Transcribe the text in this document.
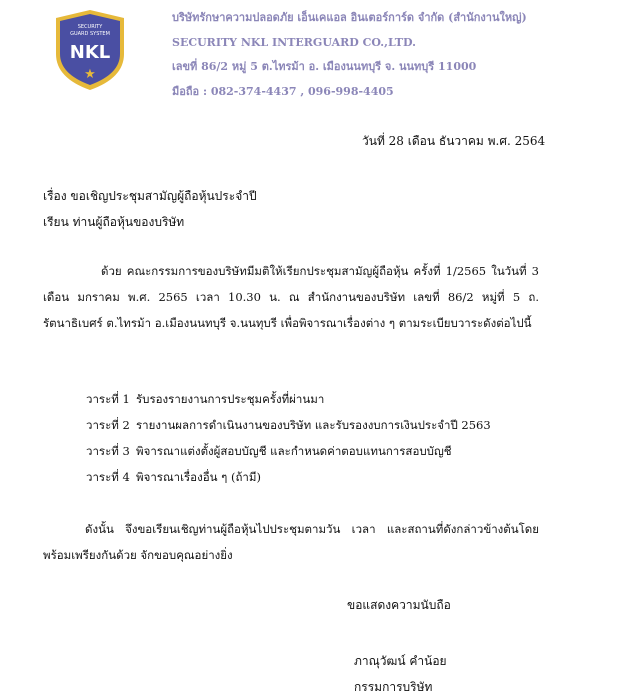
SECURITY
GUARD SYSTEM
NKL
★
บริษัทรักษาความปลอดภัย เอ็นเคแอล อินเตอร์การ์ด จำกัด (สำนักงานใหญ่)
SECURITY NKL INTERGUARD CO.,LTD.
เลขที่ 86/2 หมู่ 5 ต.ไทรม้า อ. เมืองนนทบุรี จ. นนทบุรี 11000
มือถือ : 082-374-4437 , 096-998-4405
วันที่ 28 เดือน ธันวาคม พ.ศ. 2564
เรื่อง ขอเชิญประชุมสามัญผู้ถือหุ้นประจำปี
เรียน ท่านผู้ถือหุ้นของบริษัท
ด้วย คณะกรรมการของบริษัทมีมติให้เรียกประชุมสามัญผู้ถือหุ้น ครั้งที่ 1/2565 ในวันที่ 3 เดือน มกราคม พ.ศ. 2565 เวลา 10.30 น. ณ สำนักงานของบริษัท เลขที่ 86/2 หมู่ที่ 5 ถ. รัตนาธิเบศร์ ต.ไทรม้า อ.เมืองนนทบุรี จ.นนทุบรี เพื่อพิจารณาเรื่องต่าง ๆ ตามระเบียบวาระดังต่อไปนี้
วาระที่ 1 รับรองรายงานการประชุมครั้งที่ผ่านมา
วาระที่ 2 รายงานผลการดำเนินงานของบริษัท และรับรองงบการเงินประจำปี 2563
วาระที่ 3 พิจารณาแต่งตั้งผู้สอบบัญชี และกำหนดค่าตอบแทนการสอบบัญชี
วาระที่ 4 พิจารณาเรื่องอื่น ๆ (ถ้ามี)
ดังนั้น จึงขอเรียนเชิญท่านผู้ถือหุ้นไปประชุมตามวัน เวลา และสถานที่ดังกล่าวข้างต้นโดยพร้อมเพรียงกันด้วย จักขอบคุณอย่างยิ่ง
ขอแสดงความนับถือ
ภาณุวัฒน์ คำน้อย
กรรมการบริษัท
